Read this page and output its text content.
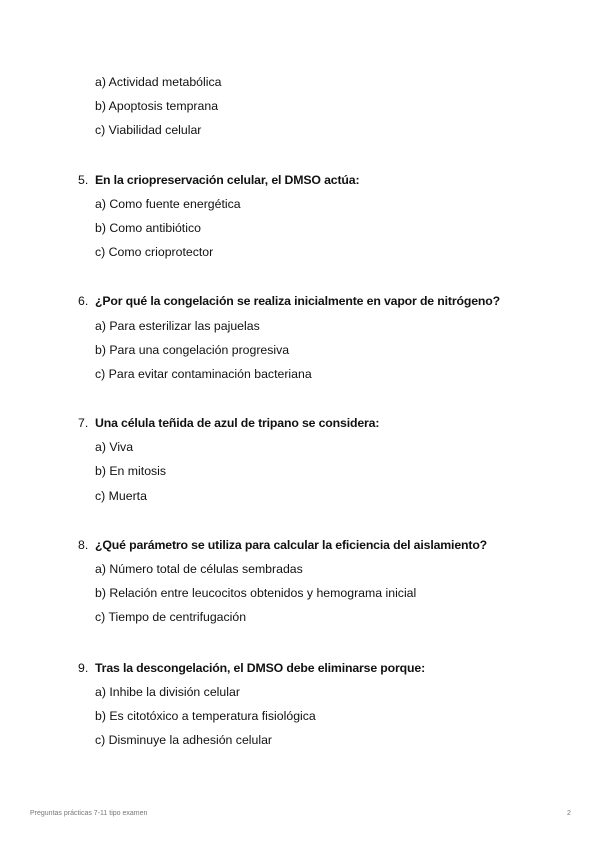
a) Actividad metabólica
b) Apoptosis temprana
c) Viabilidad celular
5. En la criopreservación celular, el DMSO actúa:
a) Como fuente energética
b) Como antibiótico
c) Como crioprotector
6. ¿Por qué la congelación se realiza inicialmente en vapor de nitrógeno?
a) Para esterilizar las pajuelas
b) Para una congelación progresiva
c) Para evitar contaminación bacteriana
7. Una célula teñida de azul de tripano se considera:
a) Viva
b) En mitosis
c) Muerta
8. ¿Qué parámetro se utiliza para calcular la eficiencia del aislamiento?
a) Número total de células sembradas
b) Relación entre leucocitos obtenidos y hemograma inicial
c) Tiempo de centrifugación
9. Tras la descongelación, el DMSO debe eliminarse porque:
a) Inhibe la división celular
b) Es citotóxico a temperatura fisiológica
c) Disminuye la adhesión celular
Preguntas prácticas 7-11 tipo examen	2
